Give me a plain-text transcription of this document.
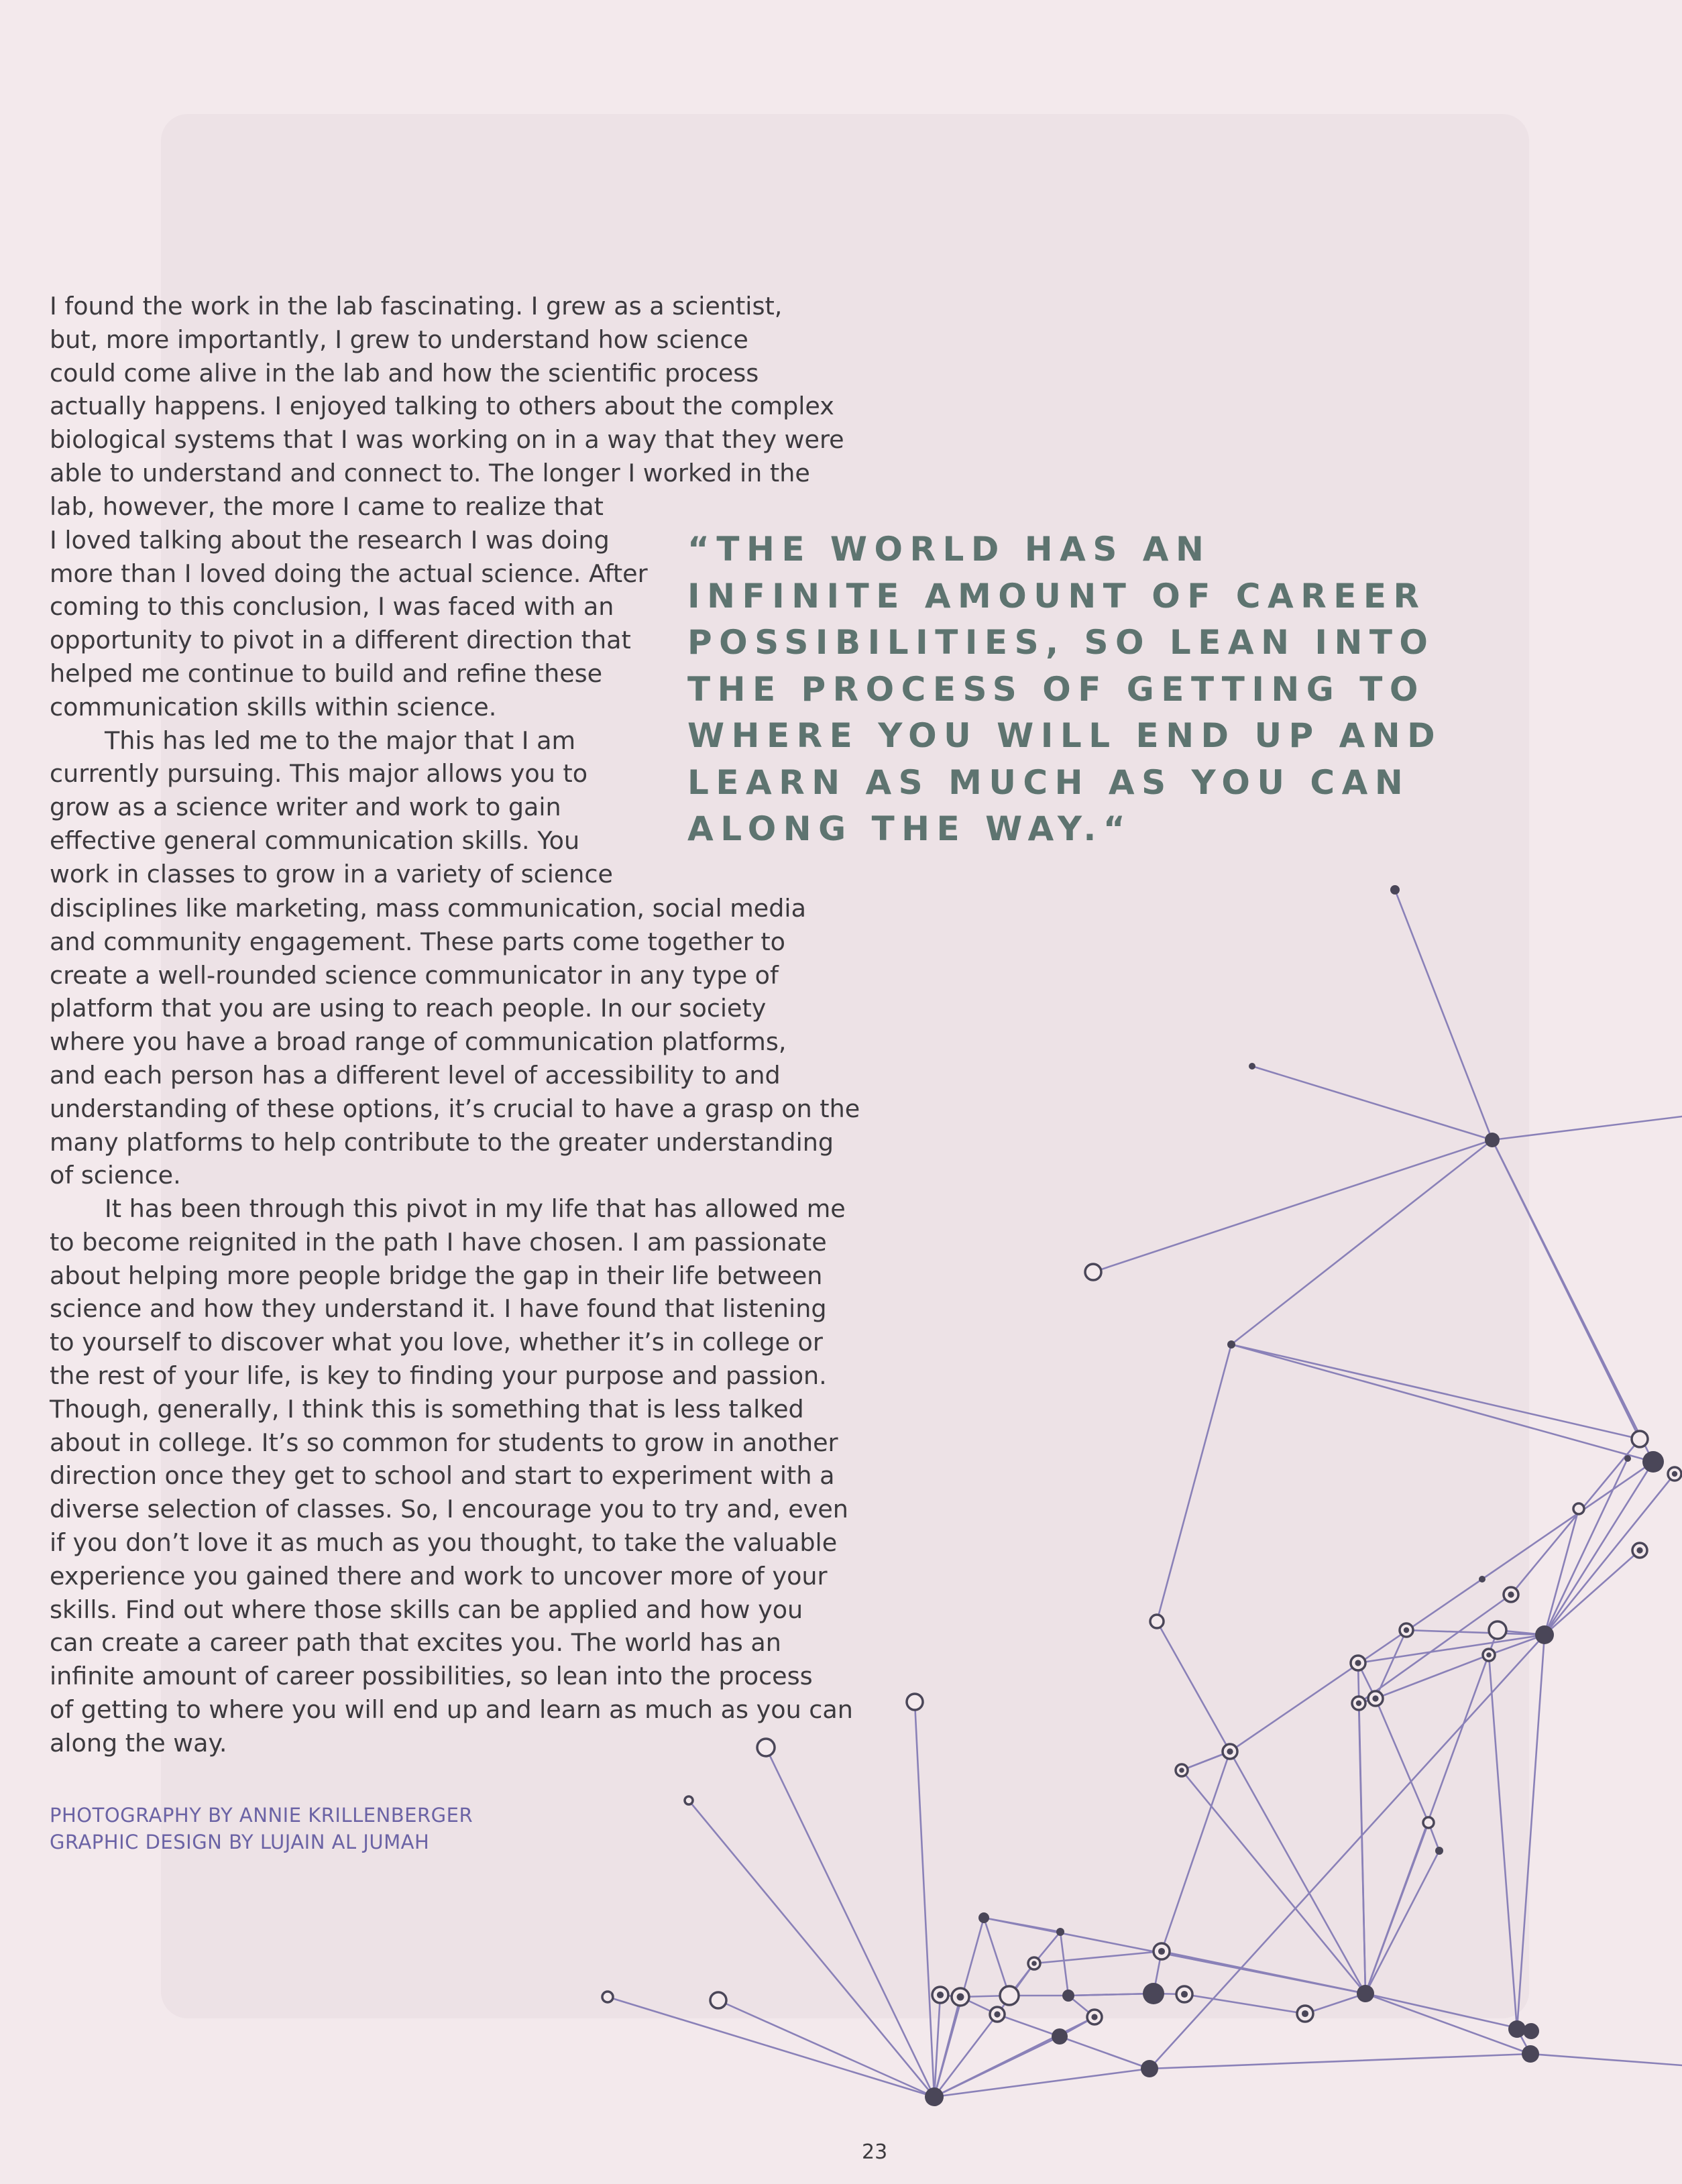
I found the work in the lab fascinating. I grew as a scientist,

but, more importantly, I grew to understand how science

could come alive in the lab and how the scientific process

actually happens. I enjoyed talking to others about the complex

biological systems that I was working on in a way that they were

able to understand and connect to. The longer I worked in the

lab, however, the more I came to realize that

I loved talking about the research I was doing

more than I loved doing the actual science. After

coming to this conclusion, I was faced with an

opportunity to pivot in a different direction that

helped me continue to build and refine these

communication skills within science.

This has led me to the major that I am

currently pursuing. This major allows you to

grow as a science writer and work to gain

effective general communication skills. You

work in classes to grow in a variety of science

disciplines like marketing, mass communication, social media

and community engagement. These parts come together to

create a well-rounded science communicator in any type of

platform that you are using to reach people. In our society

where you have a broad range of communication platforms,

and each person has a different level of accessibility to and

understanding of these options, it’s crucial to have a grasp on the

many platforms to help contribute to the greater understanding

of science.

It has been through this pivot in my life that has allowed me

to become reignited in the path I have chosen. I am passionate

about helping more people bridge the gap in their life between

science and how they understand it. I have found that listening

to yourself to discover what you love, whether it’s in college or

the rest of your life, is key to finding your purpose and passion.

Though, generally, I think this is something that is less talked

about in college. It’s so common for students to grow in another

direction once they get to school and start to experiment with a

diverse selection of classes. So, I encourage you to try and, even

if you don’t love it as much as you thought, to take the valuable

experience you gained there and work to uncover more of your

skills. Find out where those skills can be applied and how you

can create a career path that excites you. The world has an

infinite amount of career possibilities, so lean into the process

of getting to where you will end up and learn as much as you can

along the way.

“THE WORLD HAS AN
INFINITE AMOUNT OF CAREER
POSSIBILITIES, SO LEAN INTO
THE PROCESS OF GETTING TO
WHERE YOU WILL END UP AND
LEARN AS MUCH AS YOU CAN
ALONG THE WAY.“
PHOTOGRAPHY BY ANNIE KRILLENBERGER
GRAPHIC DESIGN BY LUJAIN AL JUMAH
23
